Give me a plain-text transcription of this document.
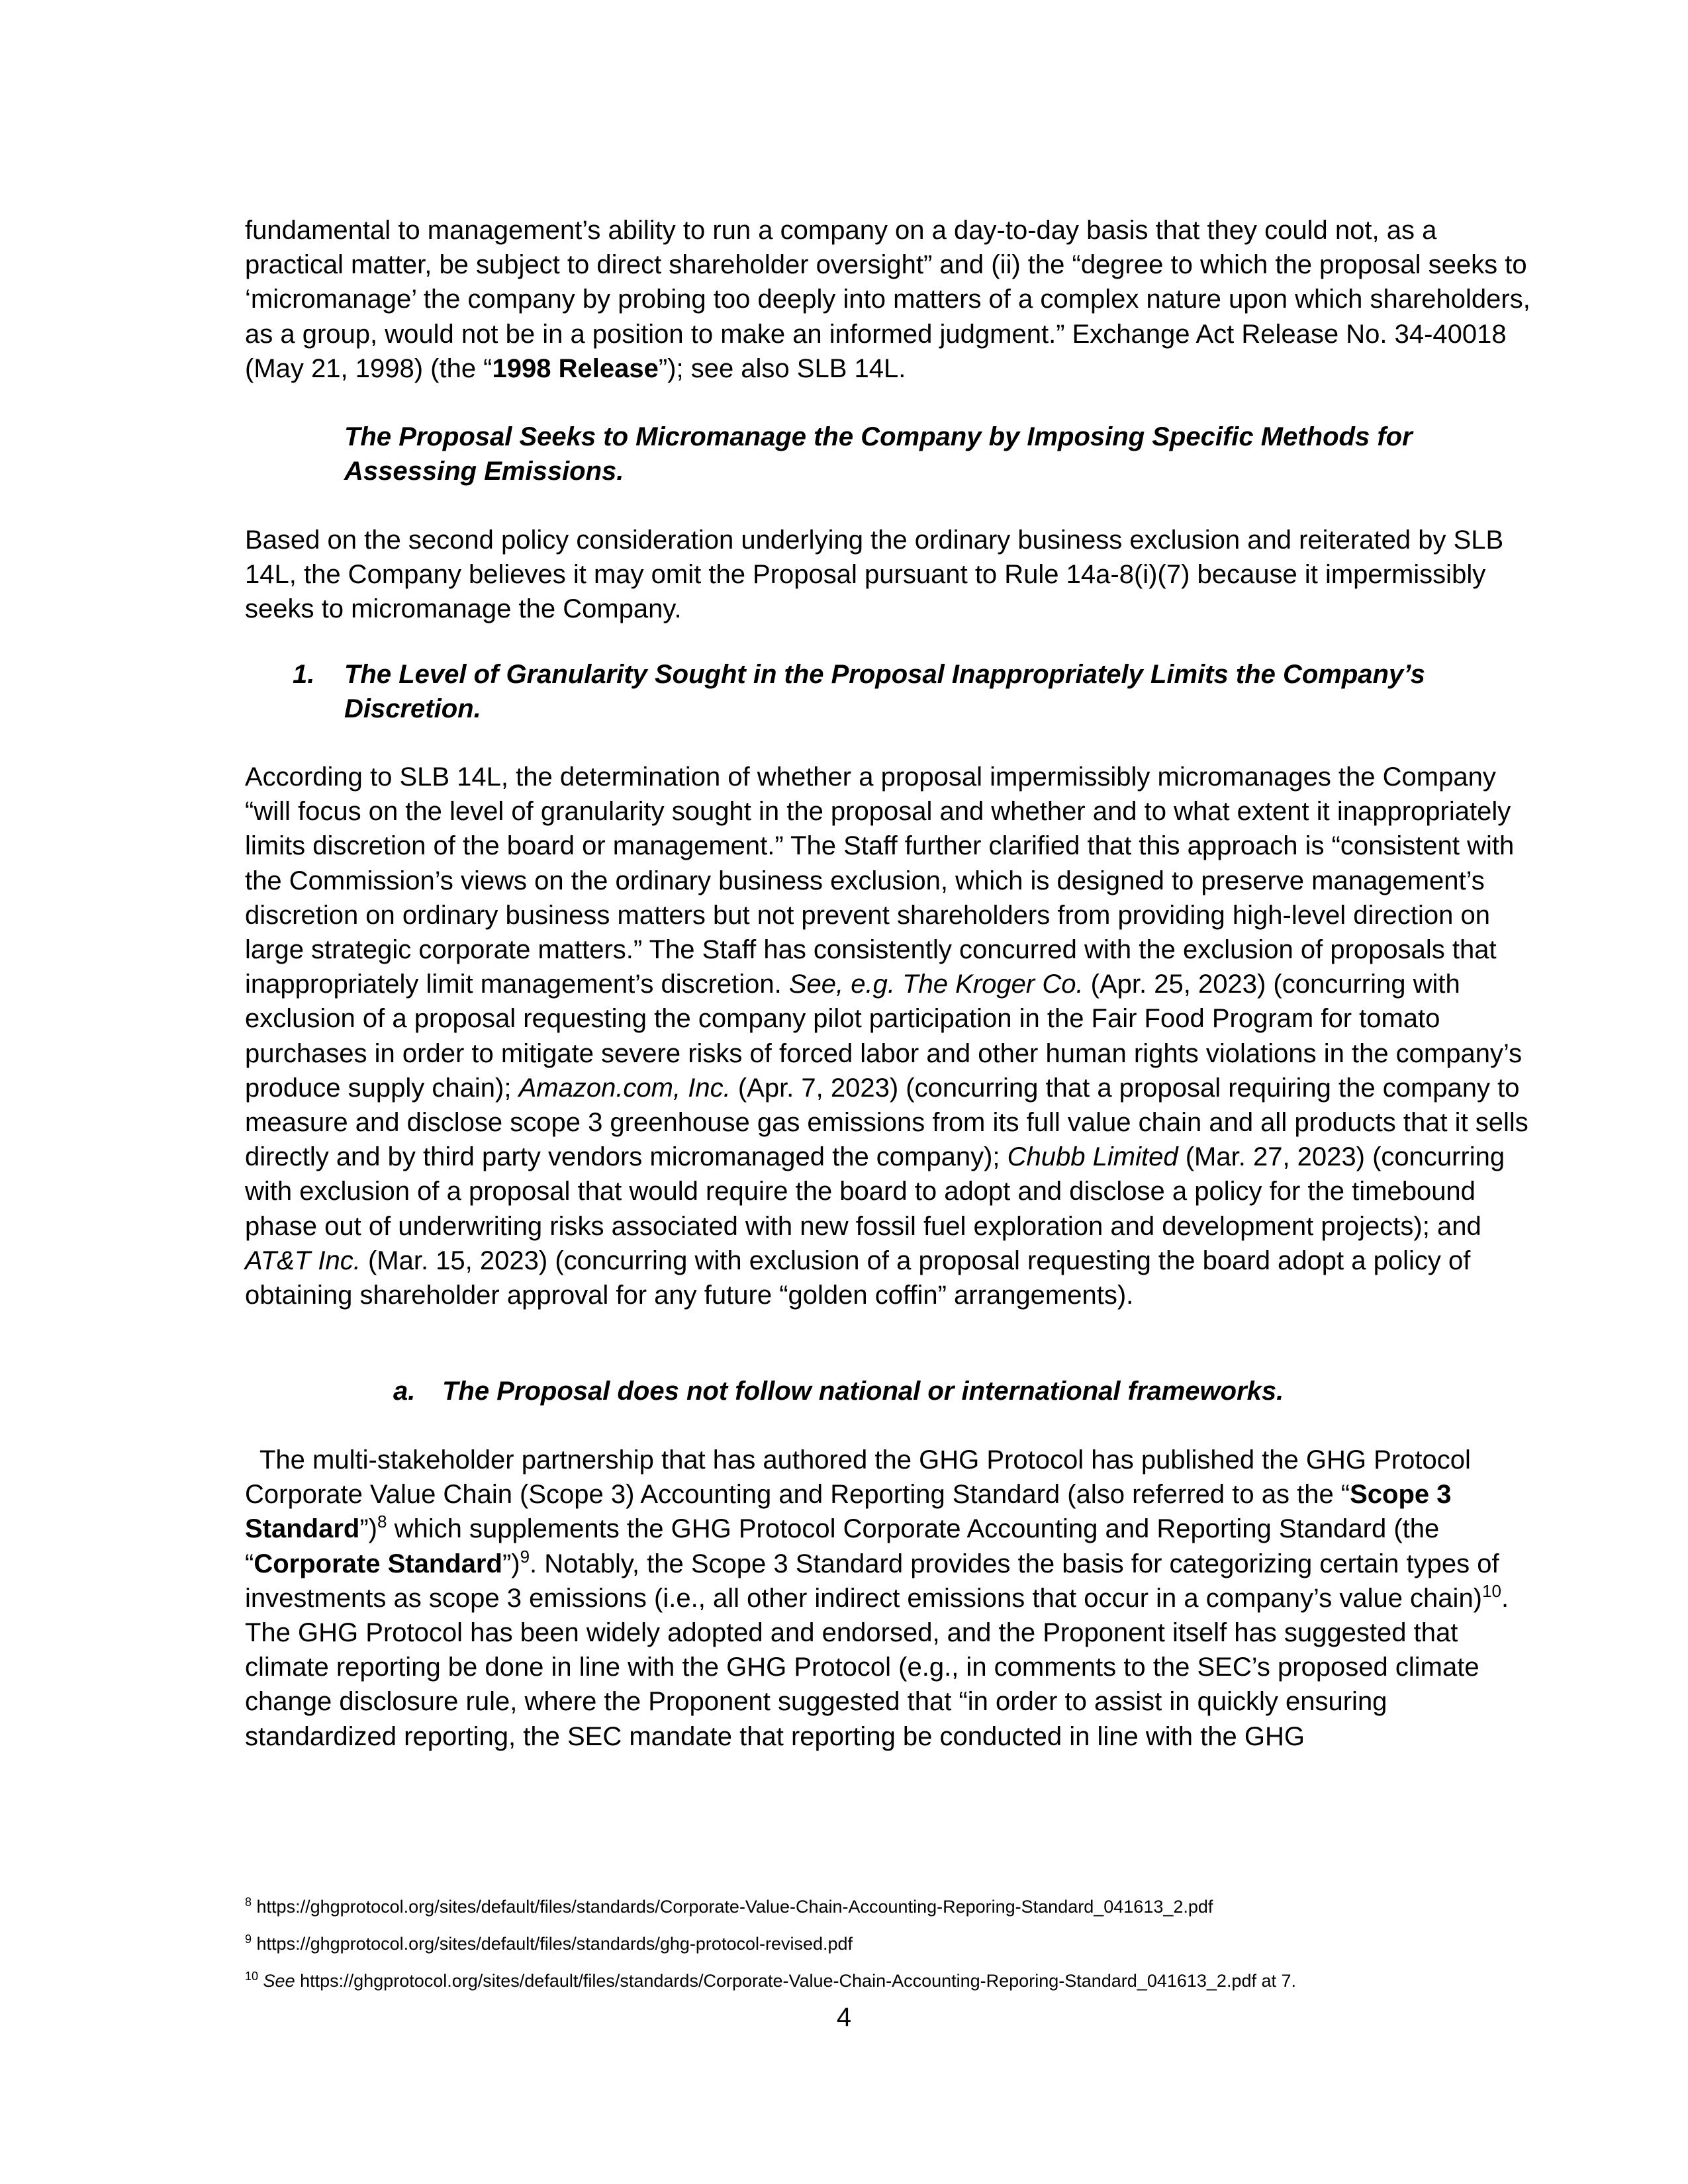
fundamental to management’s ability to run a company on a day-to-day basis that they could not, as a practical matter, be subject to direct shareholder oversight” and (ii) the “degree to which the proposal seeks to ‘micromanage’ the company by probing too deeply into matters of a complex nature upon which shareholders, as a group, would not be in a position to make an informed judgment.” Exchange Act Release No. 34-40018 (May 21, 1998) (the “1998 Release”); see also SLB 14L.

The Proposal Seeks to Micromanage the Company by Imposing Specific Methods for Assessing Emissions.

Based on the second policy consideration underlying the ordinary business exclusion and reiterated by SLB 14L, the Company believes it may omit the Proposal pursuant to Rule 14a-8(i)(7) because it impermissibly seeks to micromanage the Company.

1. The Level of Granularity Sought in the Proposal Inappropriately Limits the Company’s Discretion.

According to SLB 14L, the determination of whether a proposal impermissibly micromanages the Company “will focus on the level of granularity sought in the proposal and whether and to what extent it inappropriately limits discretion of the board or management.” The Staff further clarified that this approach is “consistent with the Commission’s views on the ordinary business exclusion, which is designed to preserve management’s discretion on ordinary business matters but not prevent shareholders from providing high-level direction on large strategic corporate matters.” The Staff has consistently concurred with the exclusion of proposals that inappropriately limit management’s discretion. See, e.g. The Kroger Co. (Apr. 25, 2023) (concurring with exclusion of a proposal requesting the company pilot participation in the Fair Food Program for tomato purchases in order to mitigate severe risks of forced labor and other human rights violations in the company’s produce supply chain); Amazon.com, Inc. (Apr. 7, 2023) (concurring that a proposal requiring the company to measure and disclose scope 3 greenhouse gas emissions from its full value chain and all products that it sells directly and by third party vendors micromanaged the company); Chubb Limited (Mar. 27, 2023) (concurring with exclusion of a proposal that would require the board to adopt and disclose a policy for the timebound phase out of underwriting risks associated with new fossil fuel exploration and development projects); and AT&T Inc. (Mar. 15, 2023) (concurring with exclusion of a proposal requesting the board adopt a policy of obtaining shareholder approval for any future “golden coffin” arrangements).

a. The Proposal does not follow national or international frameworks.

The multi-stakeholder partnership that has authored the GHG Protocol has published the GHG Protocol Corporate Value Chain (Scope 3) Accounting and Reporting Standard (also referred to as the “Scope 3 Standard”)$^8$ which supplements the GHG Protocol Corporate Accounting and Reporting Standard (the “Corporate Standard”)$^9$. Notably, the Scope 3 Standard provides the basis for categorizing certain types of investments as scope 3 emissions (i.e., all other indirect emissions that occur in a company’s value chain)$^{10}$. The GHG Protocol has been widely adopted and endorsed, and the Proponent itself has suggested that climate reporting be done in line with the GHG Protocol (e.g., in comments to the SEC’s proposed climate change disclosure rule, where the Proponent suggested that “in order to assist in quickly ensuring standardized reporting, the SEC mandate that reporting be conducted in line with the GHG

$^8$ https://ghgprotocol.org/sites/default/files/standards/Corporate-Value-Chain-Accounting-Reporing-Standard_041613_2.pdf

$^9$ https://ghgprotocol.org/sites/default/files/standards/ghg-protocol-revised.pdf

$^{10}$ See https://ghgprotocol.org/sites/default/files/standards/Corporate-Value-Chain-Accounting-Reporing-Standard_041613_2.pdf at 7.

4
